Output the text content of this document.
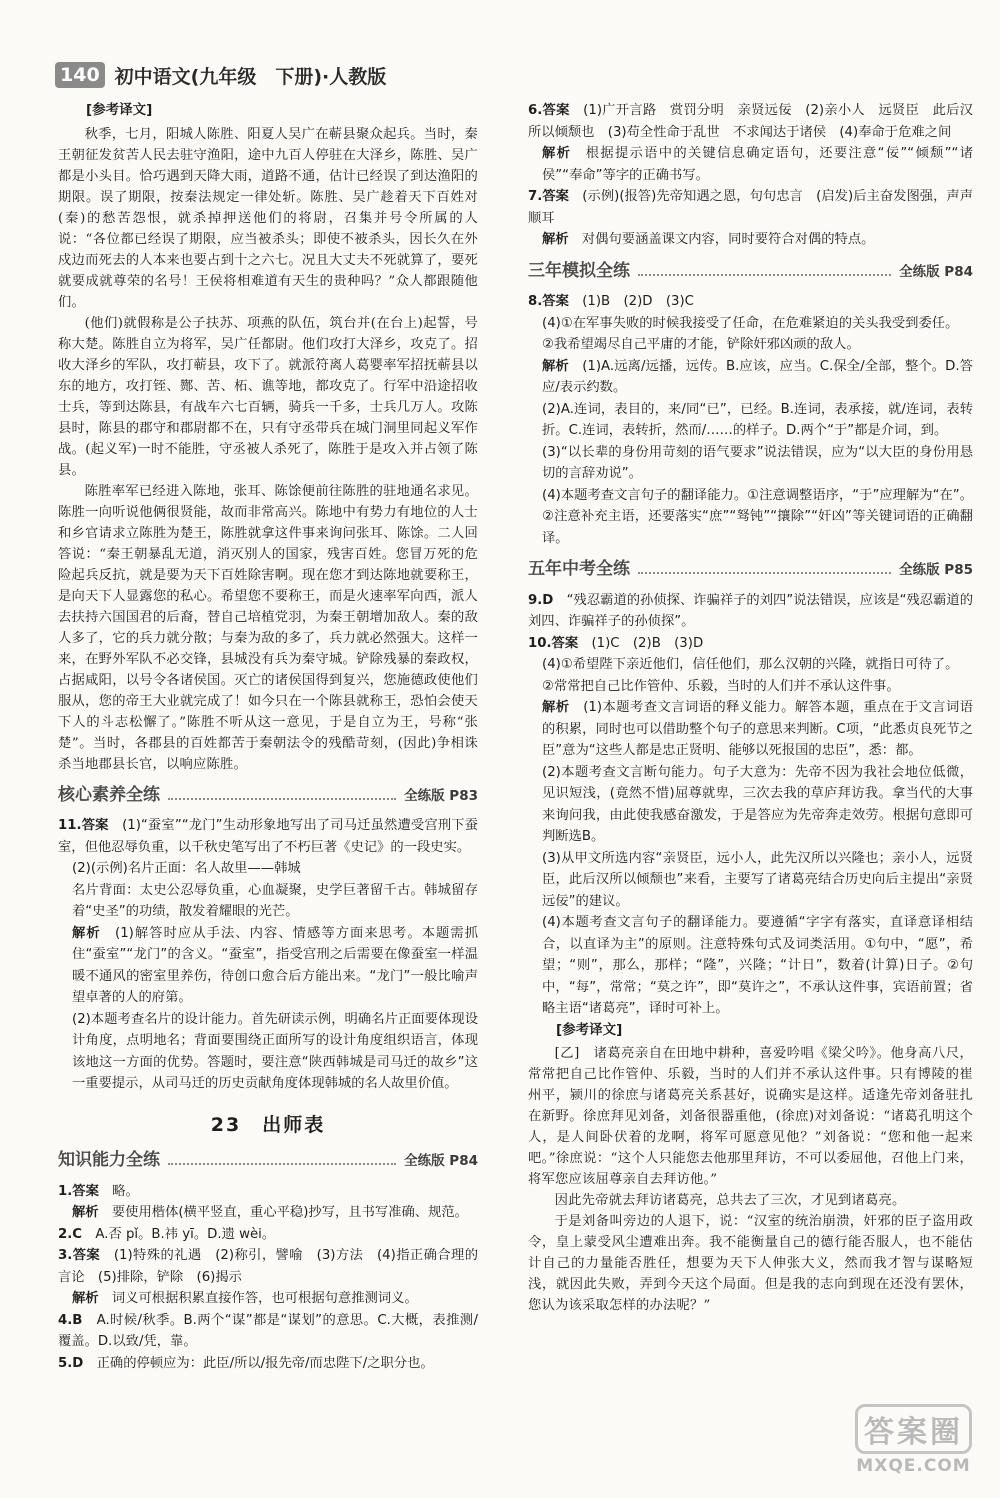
140 初中语文(九年级　下册)·人教版
[参考译文]

秋季，七月，阳城人陈胜、阳夏人吴广在蕲县聚众起兵。当时，秦王朝征发贫苦人民去驻守渔阳，途中九百人停驻在大泽乡，陈胜、吴广都是小头目。恰巧遇到天降大雨，道路不通，估计已经误了到达渔阳的期限。误了期限，按秦法规定一律处斩。陈胜、吴广趁着天下百姓对(秦)的愁苦怨恨，就杀掉押送他们的将尉，召集并号令所属的人说：“各位都已经误了期限，应当被杀头；即使不被杀头，因长久在外戍边而死去的人本来也要占到十之六七。况且大丈夫不死就算了，要死就要成就尊荣的名号！王侯将相难道有天生的贵种吗？”众人都跟随他们。

(他们)就假称是公子扶苏、项燕的队伍，筑台并(在台上)起誓，号称大楚。陈胜自立为将军，吴广任都尉。他们攻打大泽乡，攻克了。招收大泽乡的军队，攻打蕲县，攻下了。就派符离人葛婴率军招抚蕲县以东的地方，攻打铚、酂、苦、柘、谯等地，都攻克了。行军中沿途招收士兵，等到达陈县，有战车六七百辆，骑兵一千多，士兵几万人。攻陈县时，陈县的郡守和郡尉都不在，只有守丞带兵在城门洞里同起义军作战。(起义军)一时不能胜，守丞被人杀死了，陈胜于是攻入并占领了陈县。

陈胜率军已经进入陈地，张耳、陈馀便前往陈胜的驻地通名求见。陈胜一向听说他俩很贤能，故而非常高兴。陈地中有势力有地位的人士和乡官请求立陈胜为楚王，陈胜就拿这件事来询问张耳、陈馀。二人回答说：“秦王朝暴乱无道，消灭别人的国家，残害百姓。您冒万死的危险起兵反抗，就是要为天下百姓除害啊。现在您才到达陈地就要称王，是向天下人显露您的私心。希望您不要称王，而是火速率军向西，派人去扶持六国国君的后裔，替自己培植党羽，为秦王朝增加敌人。秦的敌人多了，它的兵力就分散；与秦为敌的多了，兵力就必然强大。这样一来，在野外军队不必交锋，县城没有兵为秦守城。铲除残暴的秦政权，占据咸阳，以号令各诸侯国。灭亡的诸侯国得到复兴，您施德政使他们服从，您的帝王大业就完成了！如今只在一个陈县就称王，恐怕会使天下人的斗志松懈了。”陈胜不听从这一意见，于是自立为王，号称“张楚”。当时，各郡县的百姓都苦于秦朝法令的残酷苛刻，(因此)争相诛杀当地郡县长官，以响应陈胜。

核心素养全练	全练版 P83

11.答案　 (1)“蚕室”“龙门”生动形象地写出了司马迁虽然遭受宫刑下蚕室，但他忍辱负重，以千秋史笔写出了不朽巨著《史记》的一段史实。

(2)(示例)名片正面：名人故里——韩城

名片背面：太史公忍辱负重，心血凝聚，史学巨著留千古。韩城留存着“史圣”的功绩，散发着耀眼的光芒。

解析　 (1)解答时应从手法、内容、情感等方面来思考。本题需抓住“蚕室”“龙门”的含义。“蚕室”，指受宫刑之后需要在像蚕室一样温暖不通风的密室里养伤，待创口愈合后方能出来。“龙门”一般比喻声望卓著的人的府第。

(2)本题考查名片的设计能力。首先研读示例，明确名片正面要体现设计角度，点明地名；背面要围绕正面所写的设计角度组织语言，体现该地这一方面的优势。答题时，要注意“陕西韩城是司马迁的故乡”这一重要提示，从司马迁的历史贡献角度体现韩城的名人故里价值。

23　出师表
知识能力全练	全练版 P84

1.答案　 略。

解析　 要使用楷体(横平竖直，重心平稳)抄写，且书写准确、规范。

2.C　 A.否 pǐ。B.祎 yī。D.遗 wèi。

3.答案　 (1)特殊的礼遇　(2)称引，譬喻　(3)方法　(4)指正确合理的言论　(5)排除，铲除　(6)揭示

解析　 词义可根据积累直接作答，也可根据句意推测词义。

4.B　 A.时候/秋季。B.两个“谋”都是“谋划”的意思。C.大概，表推测/覆盖。D.以致/凭，靠。

5.D　 正确的停顿应为：此臣/所以/报先帝/而忠陛下/之职分也。

6.答案　 (1)广开言路　赏罚分明　亲贤远佞　(2)亲小人　远贤臣　此后汉所以倾颓也　(3)苟全性命于乱世　不求闻达于诸侯　(4)奉命于危难之间

解析　 根据提示语中的关键信息确定语句，还要注意“佞”“倾颓”“诸侯”“奉命”等字的正确书写。

7.答案　 (示例)(报答)先帝知遇之恩，句句忠言　(启发)后主奋发图强，声声顺耳

解析　 对偶句要涵盖课文内容，同时要符合对偶的特点。

三年模拟全练	全练版 P84

8.答案　 (1)B　(2)D　(3)C

(4)①在军事失败的时候我接受了任命，在危难紧迫的关头我受到委任。

②我希望竭尽自己平庸的才能，铲除奸邪凶顽的敌人。

解析　 (1)A.远离/远播，远传。B.应该，应当。C.保全/全部，整个。D.答应/表示约数。

(2)A.连词，表目的，来/同“已”，已经。B.连词，表承接，就/连词，表转折。C.连词，表转折，然而/……的样子。D.两个“于”都是介词，到。

(3)“以长辈的身份用苛刻的语气要求”说法错误，应为“以大臣的身份用恳切的言辞劝说”。

(4)本题考查文言句子的翻译能力。①注意调整语序，“于”应理解为“在”。②注意补充主语，还要落实“庶”“驽钝”“攘除”“奸凶”等关键词语的正确翻译。

五年中考全练	全练版 P85

9.D　 “残忍霸道的孙侦探、诈骗祥子的刘四”说法错误，应该是“残忍霸道的刘四、诈骗祥子的孙侦探”。

10.答案　 (1)C　(2)B　(3)D

(4)①希望陛下亲近他们，信任他们，那么汉朝的兴隆，就指日可待了。

②常常把自己比作管仲、乐毅，当时的人们并不承认这件事。

解析　 (1)本题考查文言词语的释义能力。解答本题，重点在于文言词语的积累，同时也可以借助整个句子的意思来判断。C项，“此悉贞良死节之臣”意为“这些人都是忠正贤明、能够以死报国的忠臣”，悉：都。

(2)本题考查文言断句能力。句子大意为：先帝不因为我社会地位低微，见识短浅，(竟然不惜)屈尊就卑，三次去我的草庐拜访我。拿当代的大事来询问我，由此使我感奋激发，于是答应为先帝奔走效劳。根据句意即可判断选B。

(3)从甲文所选内容“亲贤臣，远小人，此先汉所以兴隆也；亲小人，远贤臣，此后汉所以倾颓也”来看，主要写了诸葛亮结合历史向后主提出“亲贤远佞”的建议。

(4)本题考查文言句子的翻译能力。要遵循“字字有落实，直译意译相结合，以直译为主”的原则。注意特殊句式及词类活用。①句中，“愿”，希望；“则”，那么，那样；“隆”，兴隆；“计日”，数着(计算)日子。②句中，“每”，常常；“莫之许”，即“莫许之”，不承认这件事，宾语前置；省略主语“诸葛亮”，译时可补上。

[参考译文]

[乙]　诸葛亮亲自在田地中耕种，喜爱吟唱《梁父吟》。他身高八尺，常常把自己比作管仲、乐毅，当时的人们并不承认这件事。只有博陵的崔州平，颍川的徐庶与诸葛亮关系甚好，说确实是这样。适逢先帝刘备驻扎在新野。徐庶拜见刘备，刘备很器重他，(徐庶)对刘备说：“诸葛孔明这个人，是人间卧伏着的龙啊，将军可愿意见他？”刘备说：“您和他一起来吧。”徐庶说：“这个人只能您去他那里拜访，不可以委屈他，召他上门来，将军您应该屈尊亲自去拜访他。”

因此先帝就去拜访诸葛亮，总共去了三次，才见到诸葛亮。

于是刘备叫旁边的人退下，说：“汉室的统治崩溃，奸邪的臣子盗用政令，皇上蒙受风尘遭难出奔。我不能衡量自己的德行能否服人，也不能估计自己的力量能否胜任，想要为天下人伸张大义，然而我才智与谋略短浅，就因此失败，弄到今天这个局面。但是我的志向到现在还没有罢休，您认为该采取怎样的办法呢？”

答案圈
MXQE.COM
